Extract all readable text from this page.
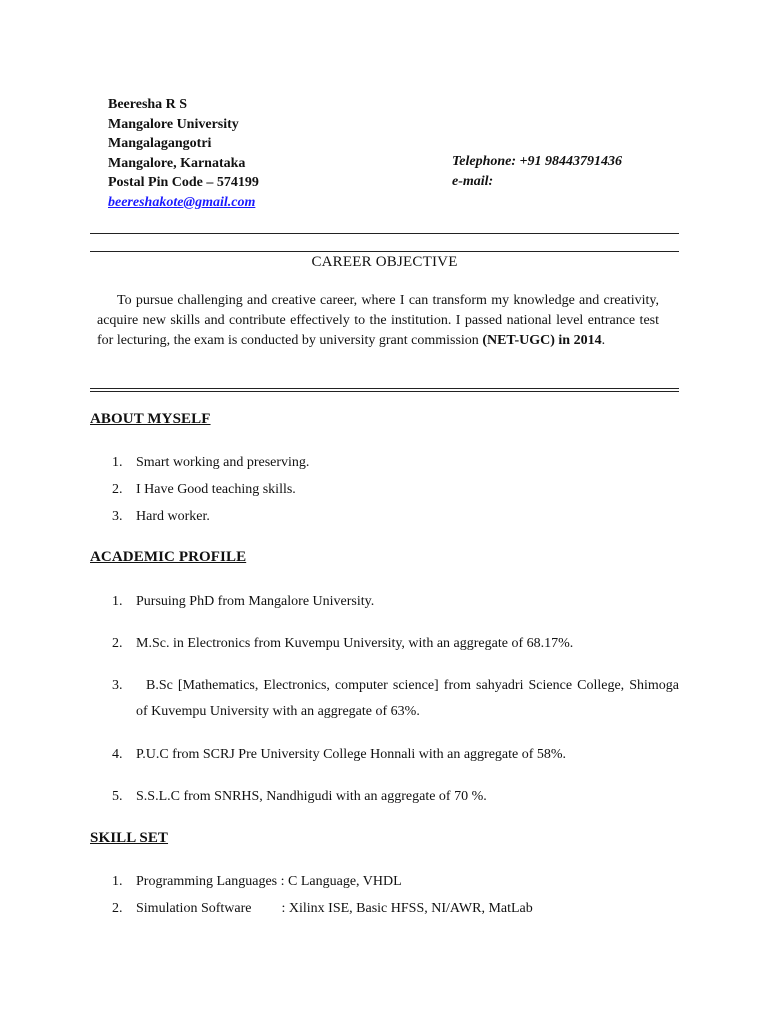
Beeresha R S
Mangalore University
Mangalagangotri
Mangalore, Karnataka
Postal Pin Code – 574199
beereshakote@gmail.com
Telephone: +91 98443791436
e-mail:
CAREER OBJECTIVE
To pursue challenging and creative career, where I can transform my knowledge and creativity, acquire new skills and contribute effectively to the institution. I passed national level entrance test for lecturing, the exam is conducted by university grant commission (NET-UGC) in 2014.
ABOUT MYSELF
1. Smart working and preserving.
2. I Have Good teaching skills.
3. Hard worker.
ACADEMIC PROFILE
1. Pursuing PhD from Mangalore University.
2. M.Sc. in Electronics from Kuvempu University, with an aggregate of 68.17%.
3.	B.Sc [Mathematics, Electronics, computer science] from sahyadri Science College, Shimoga of Kuvempu University with an aggregate of 63%.
4. P.U.C from SCRJ Pre University College Honnali with an aggregate of 58%.
5. S.S.L.C from SNRHS, Nandhigudi with an aggregate of 70 %.
SKILL SET
1. Programming Languages : C Language, VHDL
2. Simulation Software : Xilinx ISE, Basic HFSS, NI/AWR, MatLab
